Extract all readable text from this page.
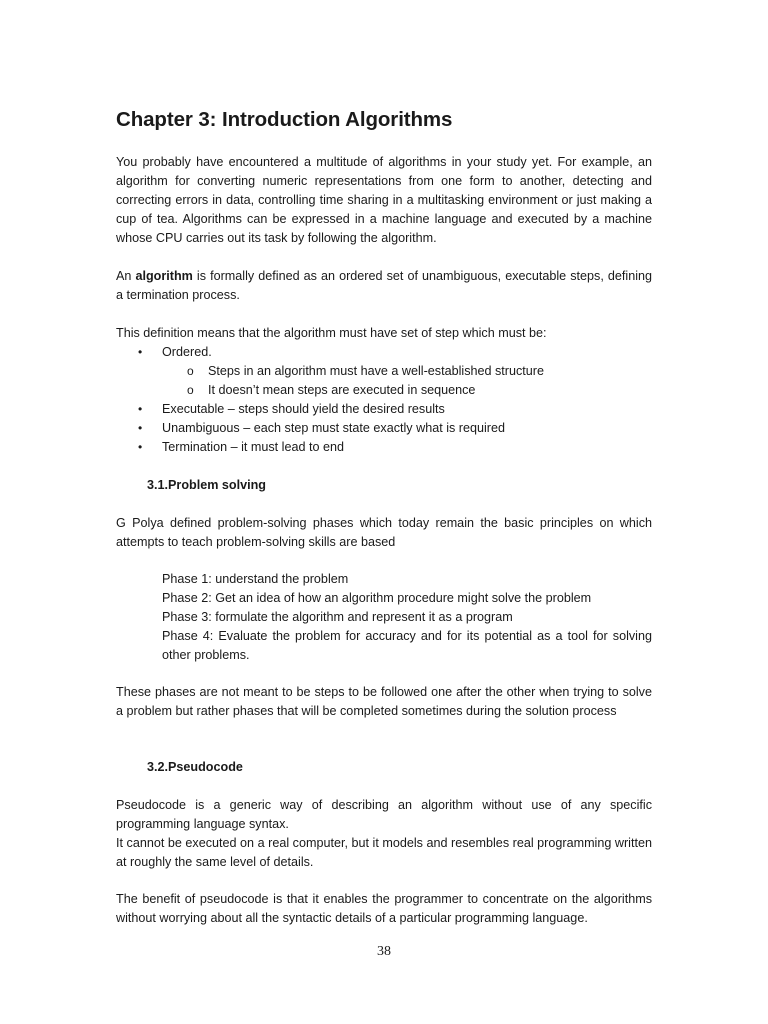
Chapter 3: Introduction Algorithms

You probably have encountered a multitude of algorithms in your study yet. For example, an algorithm for converting numeric representations from one form to another, detecting and correcting errors in data, controlling time sharing in a multitasking environment or just making a cup of tea. Algorithms can be expressed in a machine language and executed by a machine whose CPU carries out its task by following the algorithm.

An algorithm is formally defined as an ordered set of unambiguous, executable steps, defining a termination process.

This definition means that the algorithm must have set of step which must be:

• Ordered.

o Steps in an algorithm must have a well-established structure

o It doesn’t mean steps are executed in sequence

• Executable – steps should yield the desired results

• Unambiguous – each step must state exactly what is required

• Termination – it must lead to end

3.1.Problem solving

G Polya defined problem-solving phases which today remain the basic principles on which attempts to teach problem-solving skills are based

Phase 1: understand the problem

Phase 2: Get an idea of how an algorithm procedure might solve the problem

Phase 3: formulate the algorithm and represent it as a program

Phase 4: Evaluate the problem for accuracy and for its potential as a tool for solving other problems.

These phases are not meant to be steps to be followed one after the other when trying to solve a problem but rather phases that will be completed sometimes during the solution process

3.2.Pseudocode

Pseudocode is a generic way of describing an algorithm without use of any specific programming language syntax.

It cannot be executed on a real computer, but it models and resembles real programming written at roughly the same level of details.

The benefit of pseudocode is that it enables the programmer to concentrate on the algorithms without worrying about all the syntactic details of a particular programming language.

38
